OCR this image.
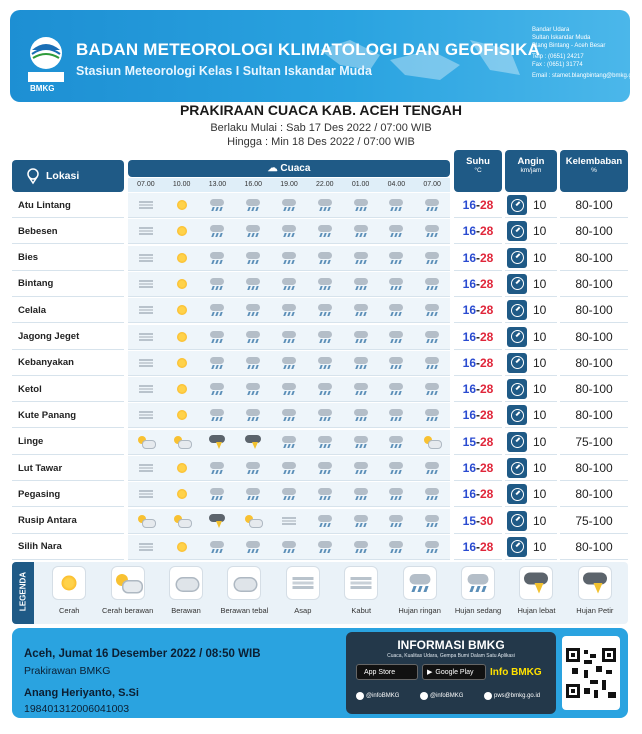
BMKG
BADAN METEOROLOGI KLIMATOLOGI DAN GEOFISIKA
Stasiun Meteorologi Kelas I Sultan Iskandar Muda
Bandar Udara
Sultan Iskandar Muda
Blang Bintang - Aceh Besar
Telp : (0651) 24217
Fax : (0651) 31774
Email : stamet.blangbintang@bmkg.go.id
PRAKIRAAN CUACA KAB. ACEH TENGAH
Berlaku Mulai : Sab 17 Des 2022 / 07:00 WIB
Hingga : Min 18 Des 2022 / 07:00 WIB
Lokasi
☁ Cuaca
07.00	10.00	13.00	16.00	19.00	22.00	01.00	04.00	07.00
Suhu
°C
Angin
km/jam
Kelembaban
%
Atu Lintang	16 - 28	10	80-100
Bebesen	16 - 28	10	80-100
Bies	16 - 28	10	80-100
Bintang	16 - 28	10	80-100
Celala	16 - 28	10	80-100
Jagong Jeget	16 - 28	10	80-100
Kebanyakan	16 - 28	10	80-100
Ketol	16 - 28	10	80-100
Kute Panang	16 - 28	10	80-100
Linge	15 - 28	10	75-100
Lut Tawar	16 - 28	10	80-100
Pegasing	16 - 28	10	80-100
Rusip Antara	15 - 30	10	75-100
Silih Nara	16 - 28	10	80-100
LEGENDA	Cerah	Cerah berawan Berawan	Berawan tebal	Asap	Kabut	Hujan ringan Hujan sedang Hujan lebat	Hujan Petir
Aceh, Jumat 16 Desember 2022 / 08:50 WIB
Prakirawan BMKG
Anang Heriyanto, S.Si
198401312006041003
INFORMASI BMKG
Cuaca, Kualitas Udara, Gempa Bumi Dalam Satu Aplikasi
App Store	▶ Google Play Info BMKG
@infoBMKG	@infoBMKG	pws@bmkg.go.id
